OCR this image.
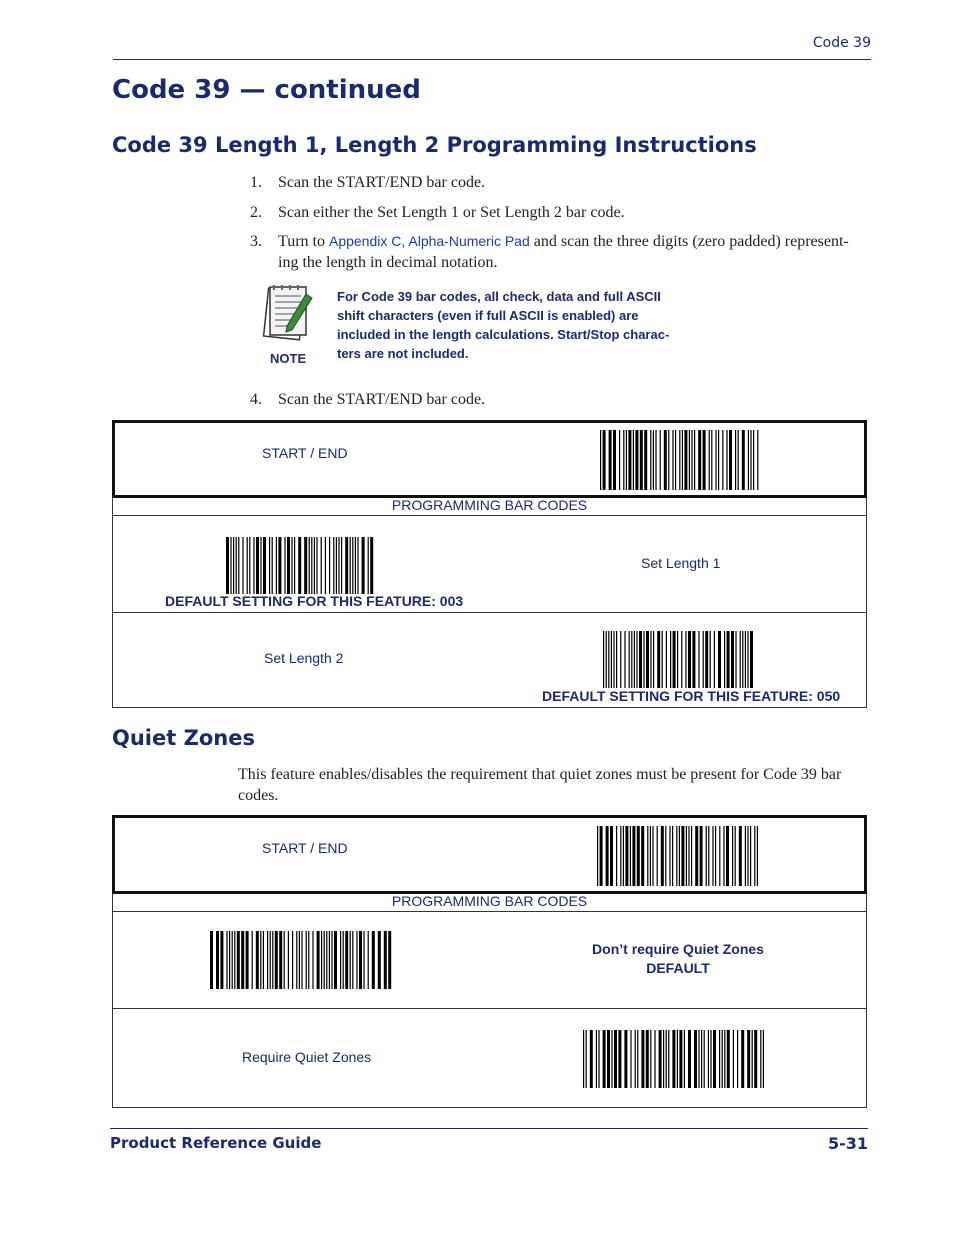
Code 39
Code 39 — continued
Code 39 Length 1, Length 2 Programming Instructions
1. Scan the START/END bar code.
2. Scan either the Set Length 1 or Set Length 2 bar code.
3. Turn to Appendix C, Alpha-Numeric Pad and scan the three digits (zero padded) represent-
ing the length in decimal notation.
NOTE
For Code 39 bar codes, all check, data and full ASCII
shift characters (even if full ASCII is enabled) are
included in the length calculations. Start/Stop charac-
ters are not included.
4. Scan the START/END bar code.
START / END
PROGRAMMING BAR CODES
DEFAULT SETTING FOR THIS FEATURE: 003
Set Length 1
Set Length 2
DEFAULT SETTING FOR THIS FEATURE: 050
Quiet Zones
This feature enables/disables the requirement that quiet zones must be present for Code 39 bar
codes.
START / END
PROGRAMMING BAR CODES
Don’t require Quiet Zones
DEFAULT
Require Quiet Zones
Product Reference Guide	5-31
